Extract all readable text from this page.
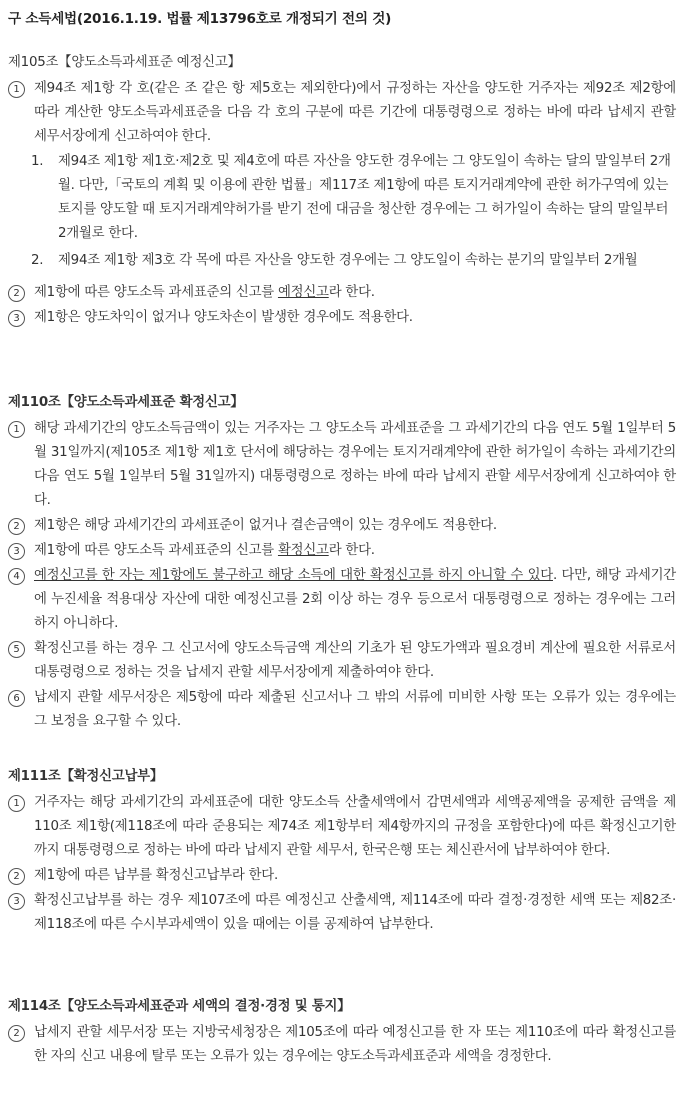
구 소득세법(2016.1.19. 법률 제13796호로 개정되기 전의 것)
제105조【양도소득과세표준 예정신고】
1	제94조 제1항 각 호(같은 조 같은 항 제5호는 제외한다)에서 규정하는 자산을 양도한 거주자는 제92조 제2항에 따라 계산한 양도소득과세표준을 다음 각 호의 구분에 따른 기간에 대통령령으로 정하는 바에 따라 납세지 관할 세무서장에게 신고하여야 한다.
1. 제94조 제1항 제1호·제2호 및 제4호에 따른 자산을 양도한 경우에는 그 양도일이 속하는 달의 말일부터 2개월. 다만,「국토의 계획 및 이용에 관한 법률」제117조 제1항에 따른 토지거래계약에 관한 허가구역에 있는 토지를 양도할 때 토지거래계약허가를 받기 전에 대금을 청산한 경우에는 그 허가일이 속하는 달의 말일부터 2개월로 한다.
2. 제94조 제1항 제3호 각 목에 따른 자산을 양도한 경우에는 그 양도일이 속하는 분기의 말일부터 2개월
2	제1항에 따른 양도소득 과세표준의 신고를 예정신고라 한다.
3	제1항은 양도차익이 없거나 양도차손이 발생한 경우에도 적용한다.
제110조【양도소득과세표준 확정신고】
1	해당 과세기간의 양도소득금액이 있는 거주자는 그 양도소득 과세표준을 그 과세기간의 다음 연도 5월 1일부터 5월 31일까지(제105조 제1항 제1호 단서에 해당하는 경우에는 토지거래계약에 관한 허가일이 속하는 과세기간의 다음 연도 5월 1일부터 5월 31일까지) 대통령령으로 정하는 바에 따라 납세지 관할 세무서장에게 신고하여야 한다.
2	제1항은 해당 과세기간의 과세표준이 없거나 결손금액이 있는 경우에도 적용한다.
3	제1항에 따른 양도소득 과세표준의 신고를 확정신고라 한다.
4	예정신고를 한 자는 제1항에도 불구하고 해당 소득에 대한 확정신고를 하지 아니할 수 있다. 다만, 해당 과세기간에 누진세율 적용대상 자산에 대한 예정신고를 2회 이상 하는 경우 등으로서 대통령령으로 정하는 경우에는 그러하지 아니하다.
5	확정신고를 하는 경우 그 신고서에 양도소득금액 계산의 기초가 된 양도가액과 필요경비 계산에 필요한 서류로서 대통령령으로 정하는 것을 납세지 관할 세무서장에게 제출하여야 한다.
6	납세지 관할 세무서장은 제5항에 따라 제출된 신고서나 그 밖의 서류에 미비한 사항 또는 오류가 있는 경우에는 그 보정을 요구할 수 있다.
제111조【확정신고납부】
1	거주자는 해당 과세기간의 과세표준에 대한 양도소득 산출세액에서 감면세액과 세액공제액을 공제한 금액을 제110조 제1항(제118조에 따라 준용되는 제74조 제1항부터 제4항까지의 규정을 포함한다)에 따른 확정신고기한까지 대통령령으로 정하는 바에 따라 납세지 관할 세무서, 한국은행 또는 체신관서에 납부하여야 한다.
2	제1항에 따른 납부를 확정신고납부라 한다.
3	확정신고납부를 하는 경우 제107조에 따른 예정신고 산출세액, 제114조에 따라 결정·경정한 세액 또는 제82조·제118조에 따른 수시부과세액이 있을 때에는 이를 공제하여 납부한다.
제114조【양도소득과세표준과 세액의 결정·경정 및 통지】
2	납세지 관할 세무서장 또는 지방국세청장은 제105조에 따라 예정신고를 한 자 또는 제110조에 따라 확정신고를 한 자의 신고 내용에 탈루 또는 오류가 있는 경우에는 양도소득과세표준과 세액을 경정한다.
